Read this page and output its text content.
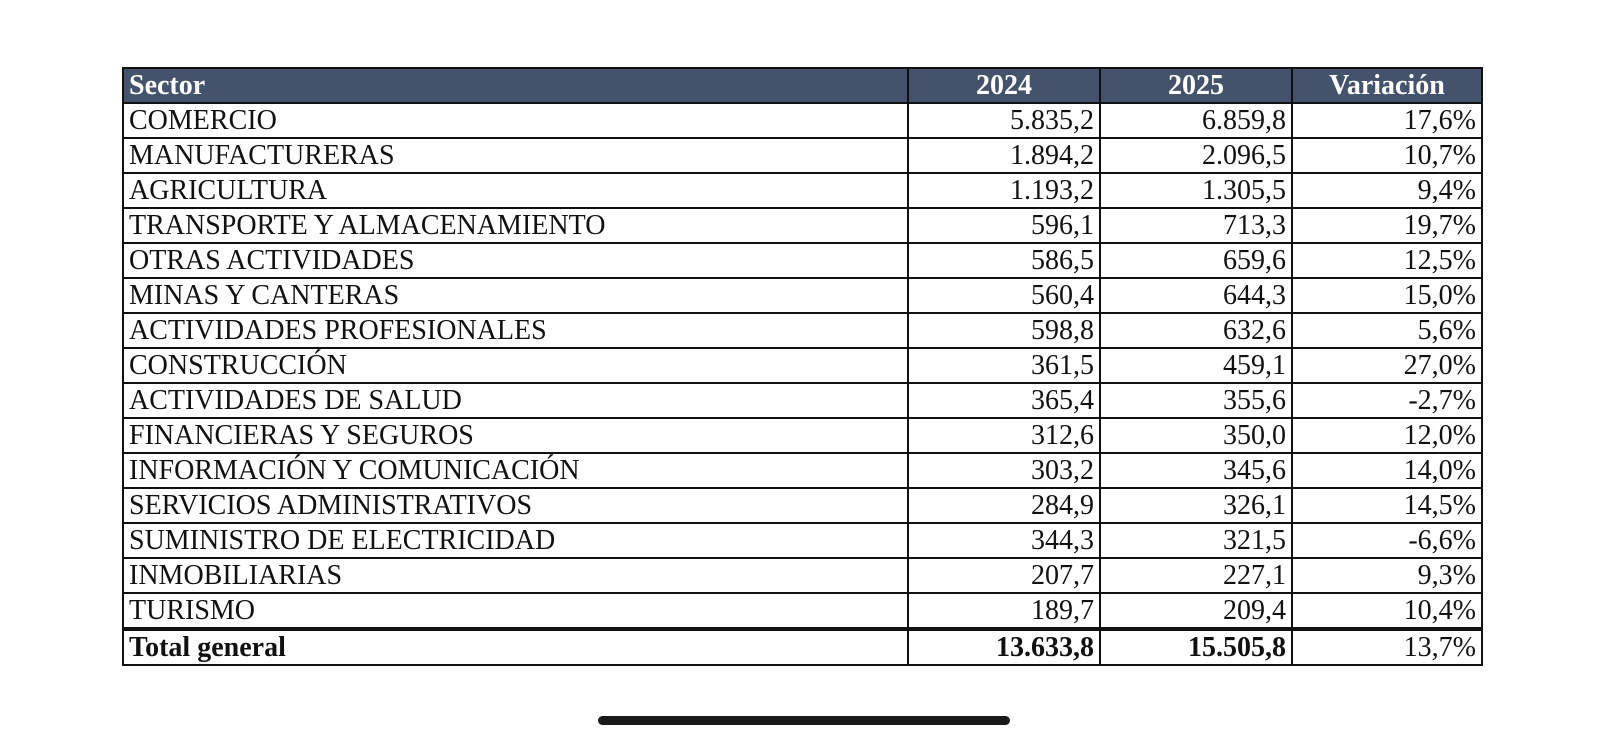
Sector	2024	2025	Variación
COMERCIO	5.835,2	6.859,8	17,6%
MANUFACTURERAS	1.894,2	2.096,5	10,7%
AGRICULTURA	1.193,2	1.305,5	9,4%
TRANSPORTE Y ALMACENAMIENTO	596,1	713,3	19,7%
OTRAS ACTIVIDADES	586,5	659,6	12,5%
MINAS Y CANTERAS	560,4	644,3	15,0%
ACTIVIDADES PROFESIONALES	598,8	632,6	5,6%
CONSTRUCCIÓN	361,5	459,1	27,0%
ACTIVIDADES DE SALUD	365,4	355,6	-2,7%
FINANCIERAS Y SEGUROS	312,6	350,0	12,0%
INFORMACIÓN Y COMUNICACIÓN	303,2	345,6	14,0%
SERVICIOS ADMINISTRATIVOS	284,9	326,1	14,5%
SUMINISTRO DE ELECTRICIDAD	344,3	321,5	-6,6%
INMOBILIARIAS	207,7	227,1	9,3%
TURISMO	189,7	209,4	10,4%
Total general	13.633,8	15.505,8	13,7%
